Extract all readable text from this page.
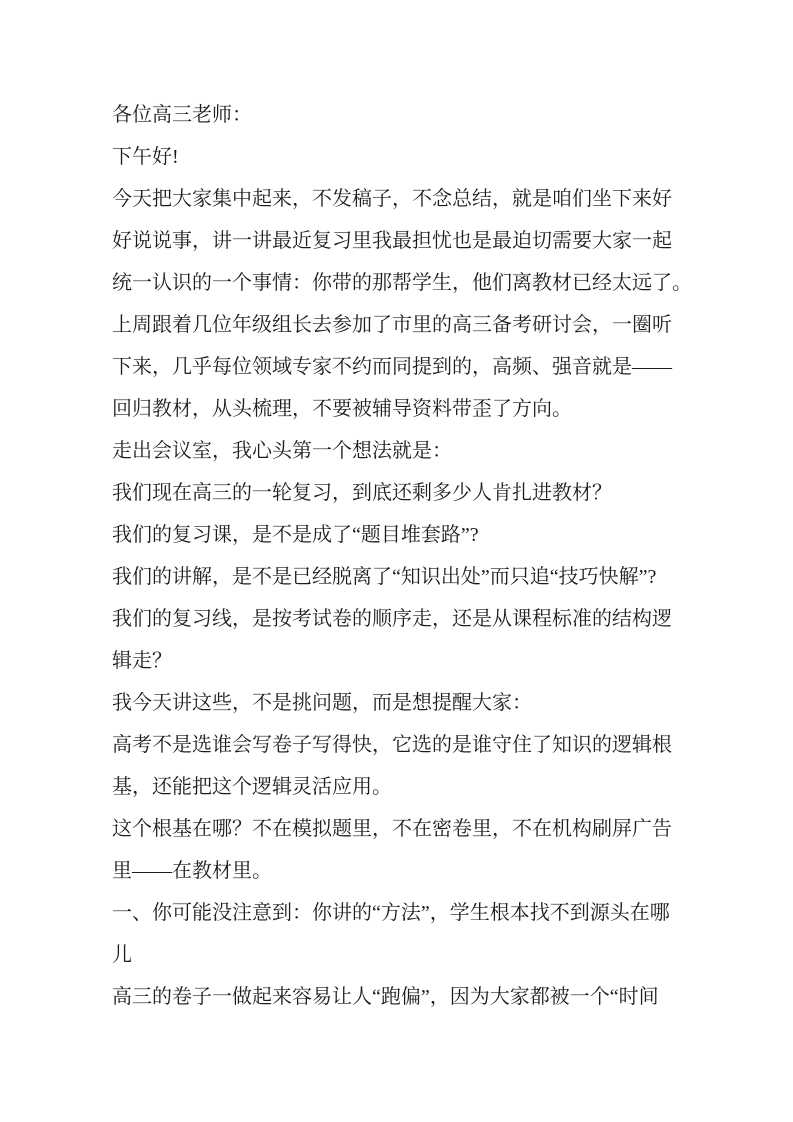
各位高三老师：

下午好!

今天把大家集中起来，不发稿子，不念总结，就是咱们坐下来好
好说说事，讲一讲最近复习里我最担忧也是最迫切需要大家一起
统一认识的一个事情：你带的那帮学生，他们离教材已经太远了。

上周跟着几位年级组长去参加了市里的高三备考研讨会，一圈听
下来，几乎每位领域专家不约而同提到的，高频、强音就是——
回归教材，从头梳理，不要被辅导资料带歪了方向。

走出会议室，我心头第一个想法就是：

我们现在高三的一轮复习，到底还剩多少人肯扎进教材？

我们的复习课，是不是成了“题目堆套路”?

我们的讲解，是不是已经脱离了“知识出处”而只追“技巧快解”?

我们的复习线，是按考试卷的顺序走，还是从课程标准的结构逻
辑走？

我今天讲这些，不是挑问题，而是想提醒大家：

高考不是选谁会写卷子写得快，它选的是谁守住了知识的逻辑根
基，还能把这个逻辑灵活应用。

这个根基在哪？不在模拟题里，不在密卷里，不在机构刷屏广告
里——在教材里。

一、你可能没注意到：你讲的“方法”，学生根本找不到源头在哪
儿

高三的卷子一做起来容易让人“跑偏”，因为大家都被一个“时间
